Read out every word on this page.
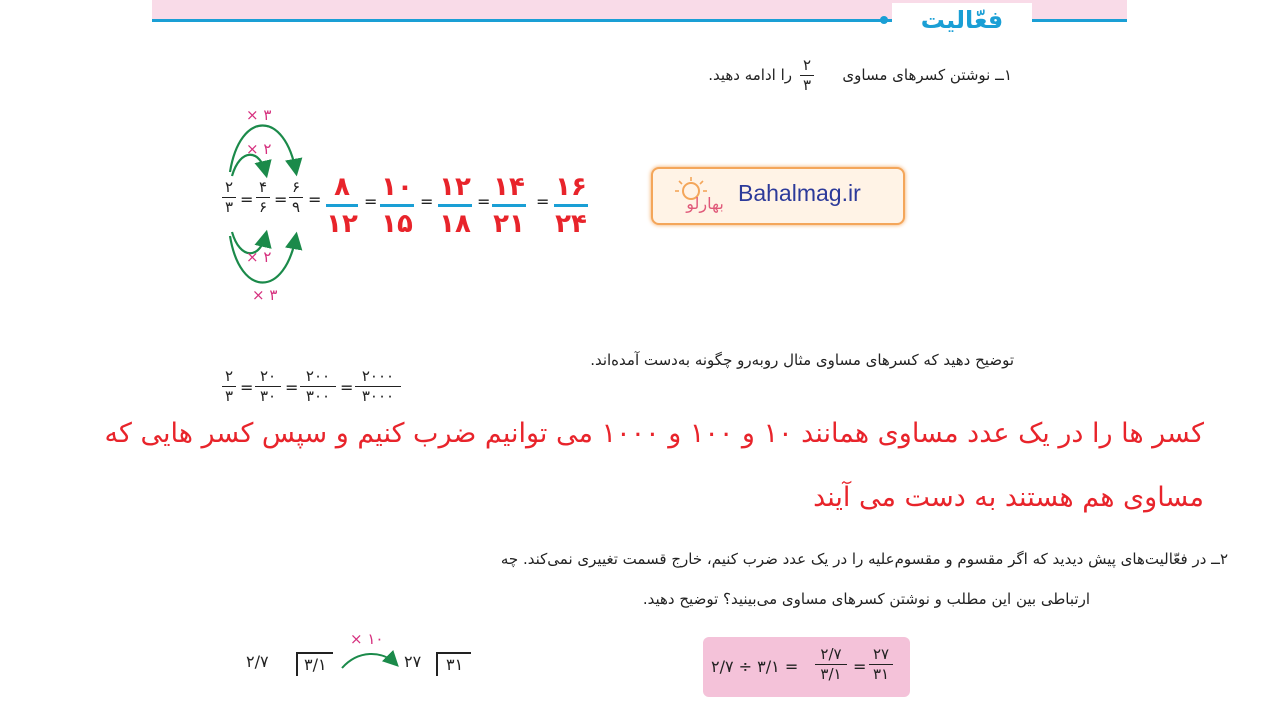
فعّالیت
۱ــ نوشتن کسرهای مساوی
۲
۳
را ادامه دهید.
× ۳
× ۲
× ۲
× ۳
۲
۳ =
۴
۶ =
۶
۹ = ۸
۱۲
= ۱۰
۱۵
= ۱۲
۱۸
= ۱۴
۲۱
= ۱۶
۲۴
بهارلو Bahalmag.ir
توضیح دهید که کسرهای مساوی مثال روبه‌رو چگونه به‌دست آمده‌اند.
۲
۳ =
۲۰
۳۰ =
۲۰۰
۳۰۰ =
۲۰۰۰
۳۰۰۰
کسر ها را در یک عدد مساوی همانند ۱۰ و ۱۰۰ و ۱۰۰۰ می توانیم ضرب کنیم و سپس کسر هایی که
مساوی هم هستند به دست می آیند
۲ــ در فعّالیت‌های پیش دیدید که اگر مقسوم و مقسوم‌علیه را در یک عدد ضرب کنیم، خارج قسمت تغییری نمی‌کند. چه
ارتباطی بین این مطلب و نوشتن کسرهای مساوی می‌بینید؟ توضیح دهید.
۲/۷	۳/۱
× ۱۰
۲۷	۳۱	۲/۷ ÷ ۳/۱ =
۲/۷
۳/۱ =
۲۷
۳۱
